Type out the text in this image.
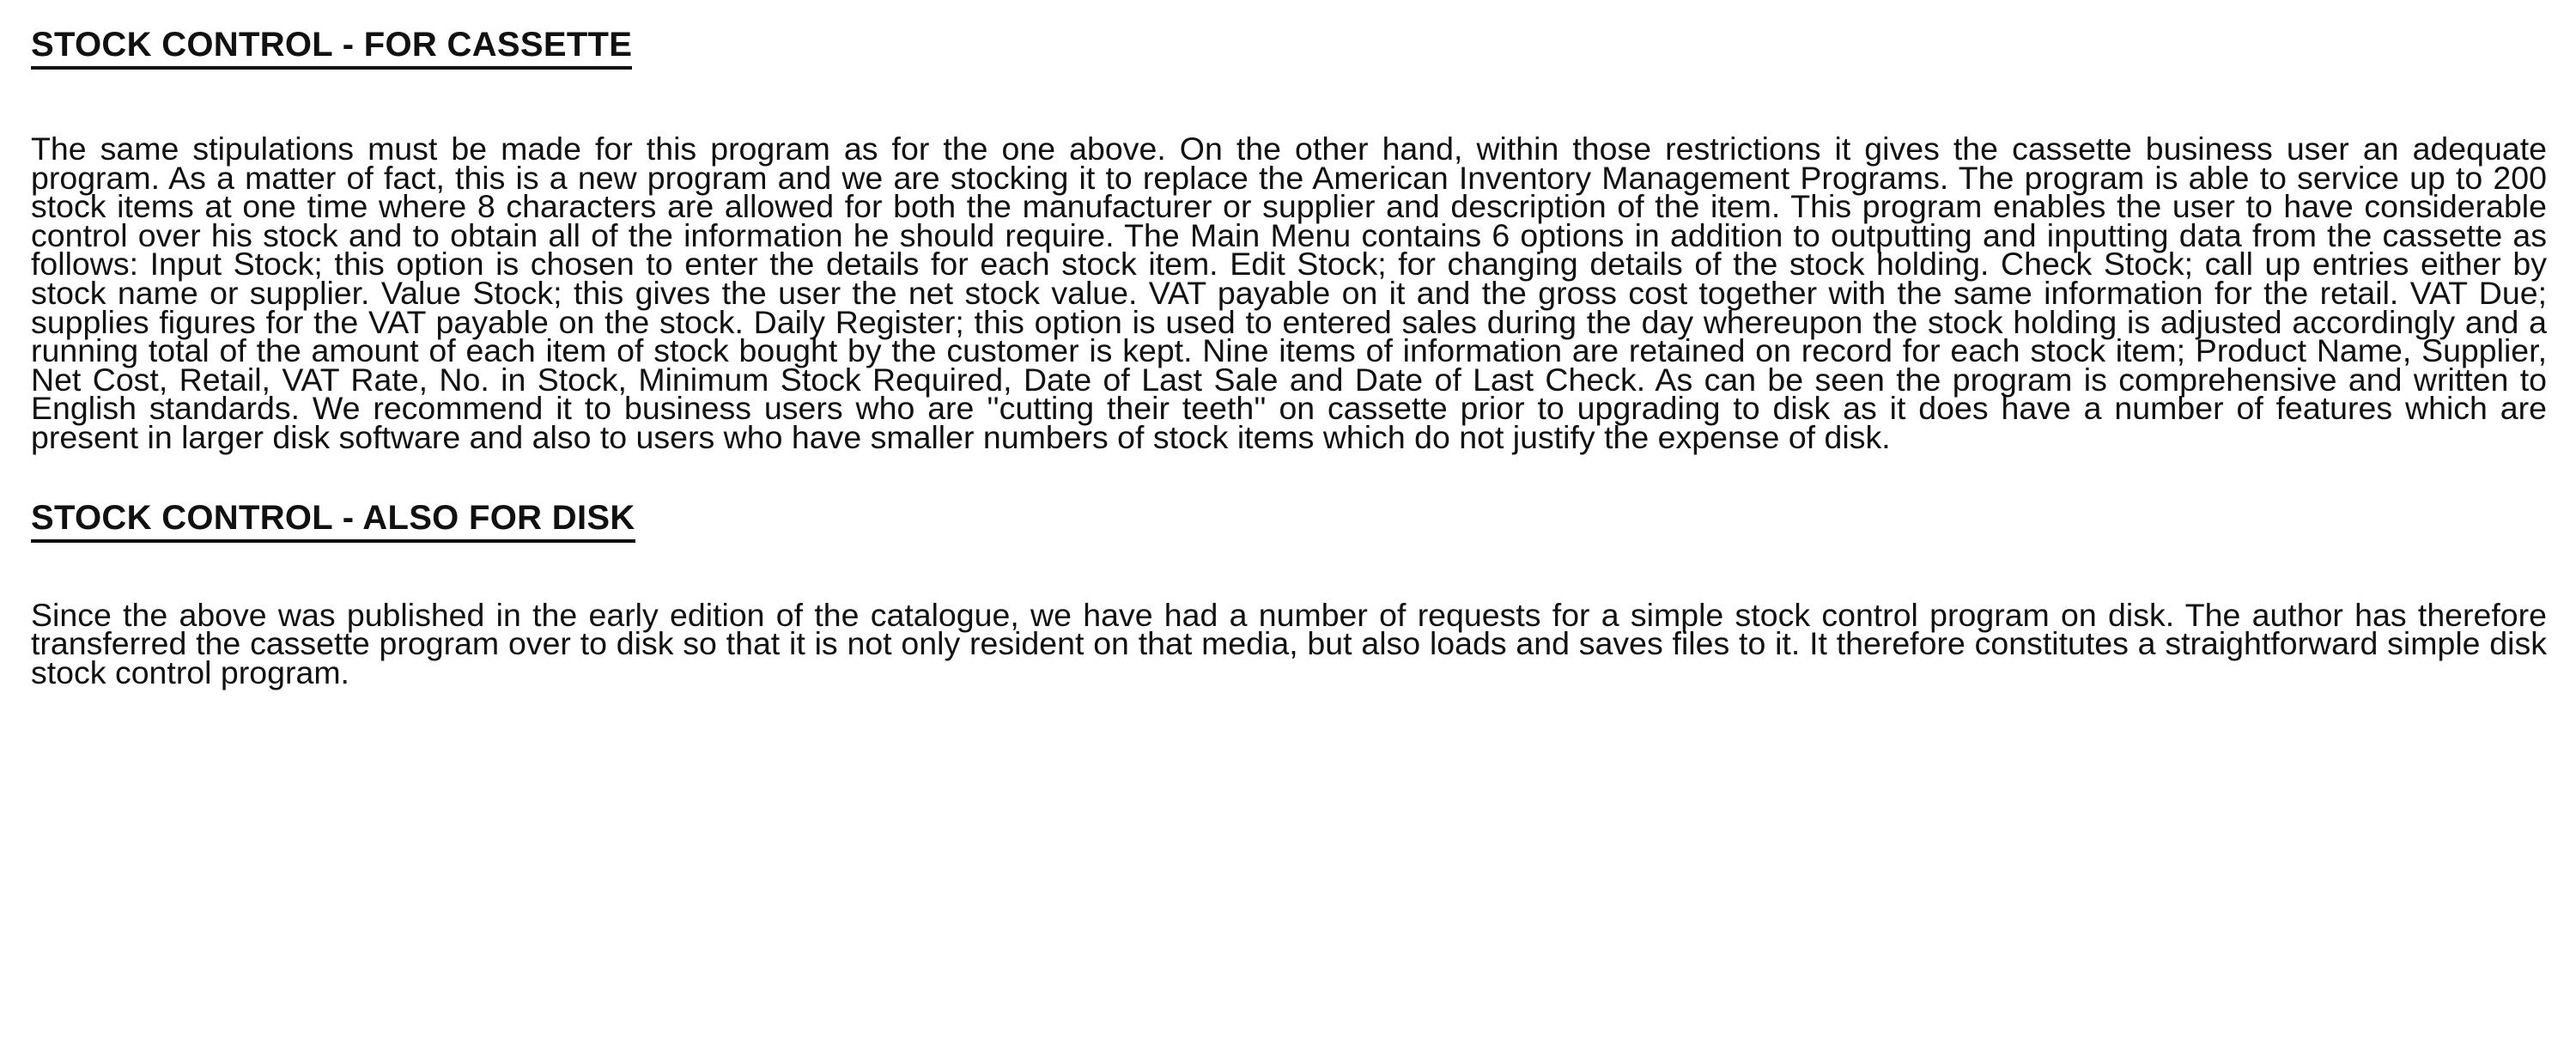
STOCK CONTROL - FOR CASSETTE

The same stipulations must be made for this program as for the one above. On the other hand, within those restrictions it gives the cassette business user an adequate program. As a matter of fact, this is a new program and we are stocking it to replace the American Inventory Management Programs. The program is able to service up to 200 stock items at one time where 8 characters are allowed for both the manufacturer or supplier and description of the item. This program enables the user to have considerable control over his stock and to obtain all of the information he should require. The Main Menu contains 6 options in addition to outputting and inputting data from the cassette as follows: Input Stock; this option is chosen to enter the details for each stock item. Edit Stock; for changing details of the stock holding. Check Stock; call up entries either by stock name or supplier. Value Stock; this gives the user the net stock value. VAT payable on it and the gross cost together with the same information for the retail. VAT Due; supplies figures for the VAT payable on the stock. Daily Register; this option is used to entered sales during the day whereupon the stock holding is adjusted accordingly and a running total of the amount of each item of stock bought by the customer is kept. Nine items of information are retained on record for each stock item; Product Name, Supplier, Net Cost, Retail, VAT Rate, No. in Stock, Minimum Stock Required, Date of Last Sale and Date of Last Check. As can be seen the program is comprehensive and written to English standards. We recommend it to business users who are ''cutting their teeth'' on cassette prior to upgrading to disk as it does have a number of features which are present in larger disk software and also to users who have smaller numbers of stock items which do not justify the expense of disk.

STOCK CONTROL - ALSO FOR DISK

Since the above was published in the early edition of the catalogue, we have had a number of requests for a simple stock control program on disk. The author has therefore transferred the cassette program over to disk so that it is not only resident on that media, but also loads and saves files to it. It therefore constitutes a straightforward simple disk stock control program.
